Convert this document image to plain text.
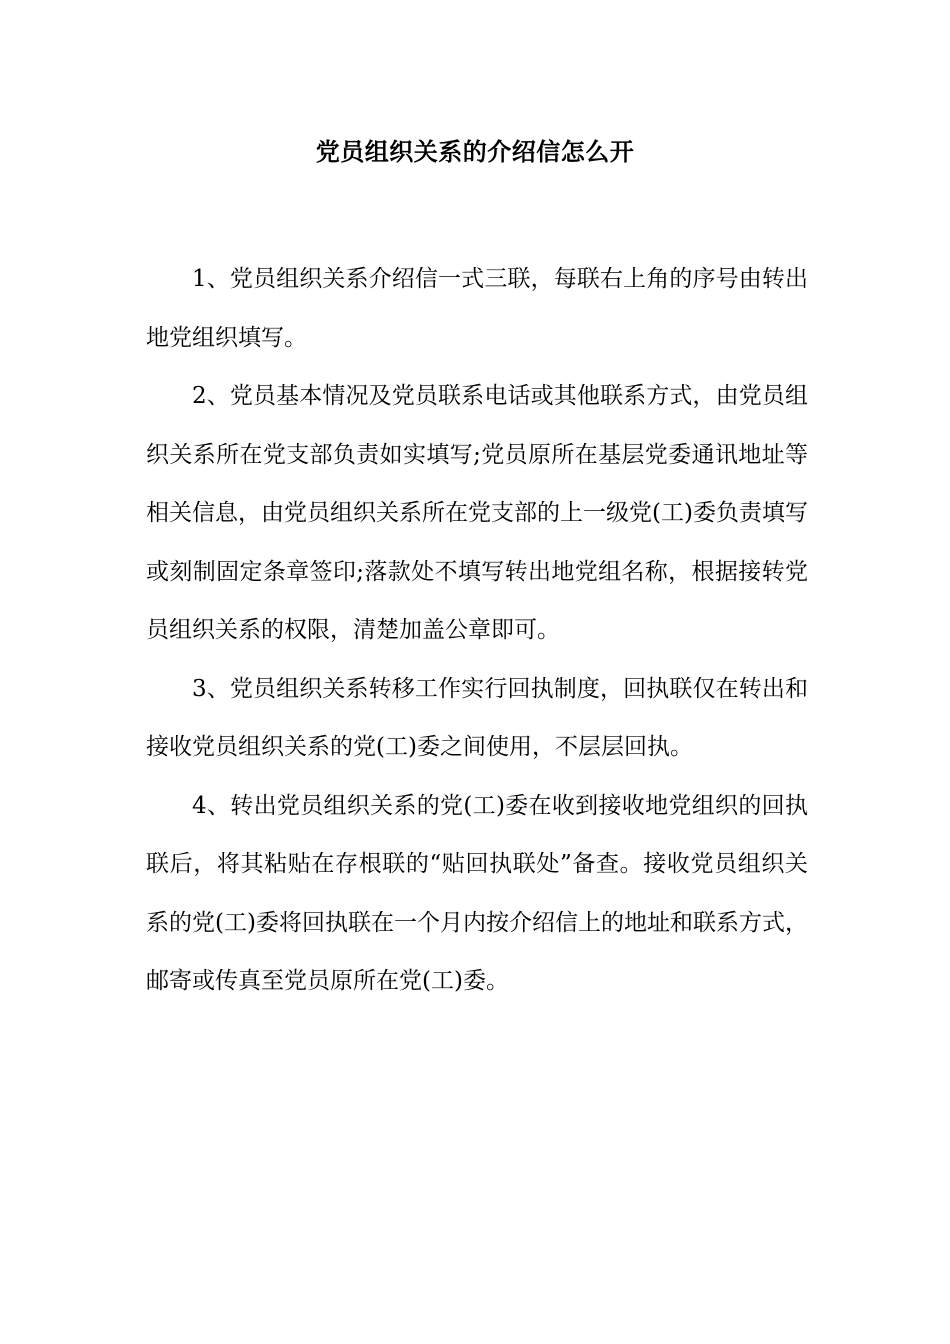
党员组织关系的介绍信怎么开

1、党员组织关系介绍信一式三联，每联右上角的序号由转出地党组织填写。

2、党员基本情况及党员联系电话或其他联系方式，由党员组织关系所在党支部负责如实填写;党员原所在基层党委通讯地址等相关信息，由党员组织关系所在党支部的上一级党(工)委负责填写或刻制固定条章签印;落款处不填写转出地党组名称，根据接转党员组织关系的权限，清楚加盖公章即可。

3、党员组织关系转移工作实行回执制度，回执联仅在转出和接收党员组织关系的党(工)委之间使用，不层层回执。

4、转出党员组织关系的党(工)委在收到接收地党组织的回执联后，将其粘贴在存根联的“贴回执联处”备查。接收党员组织关系的党(工)委将回执联在一个月内按介绍信上的地址和联系方式，邮寄或传真至党员原所在党(工)委。
